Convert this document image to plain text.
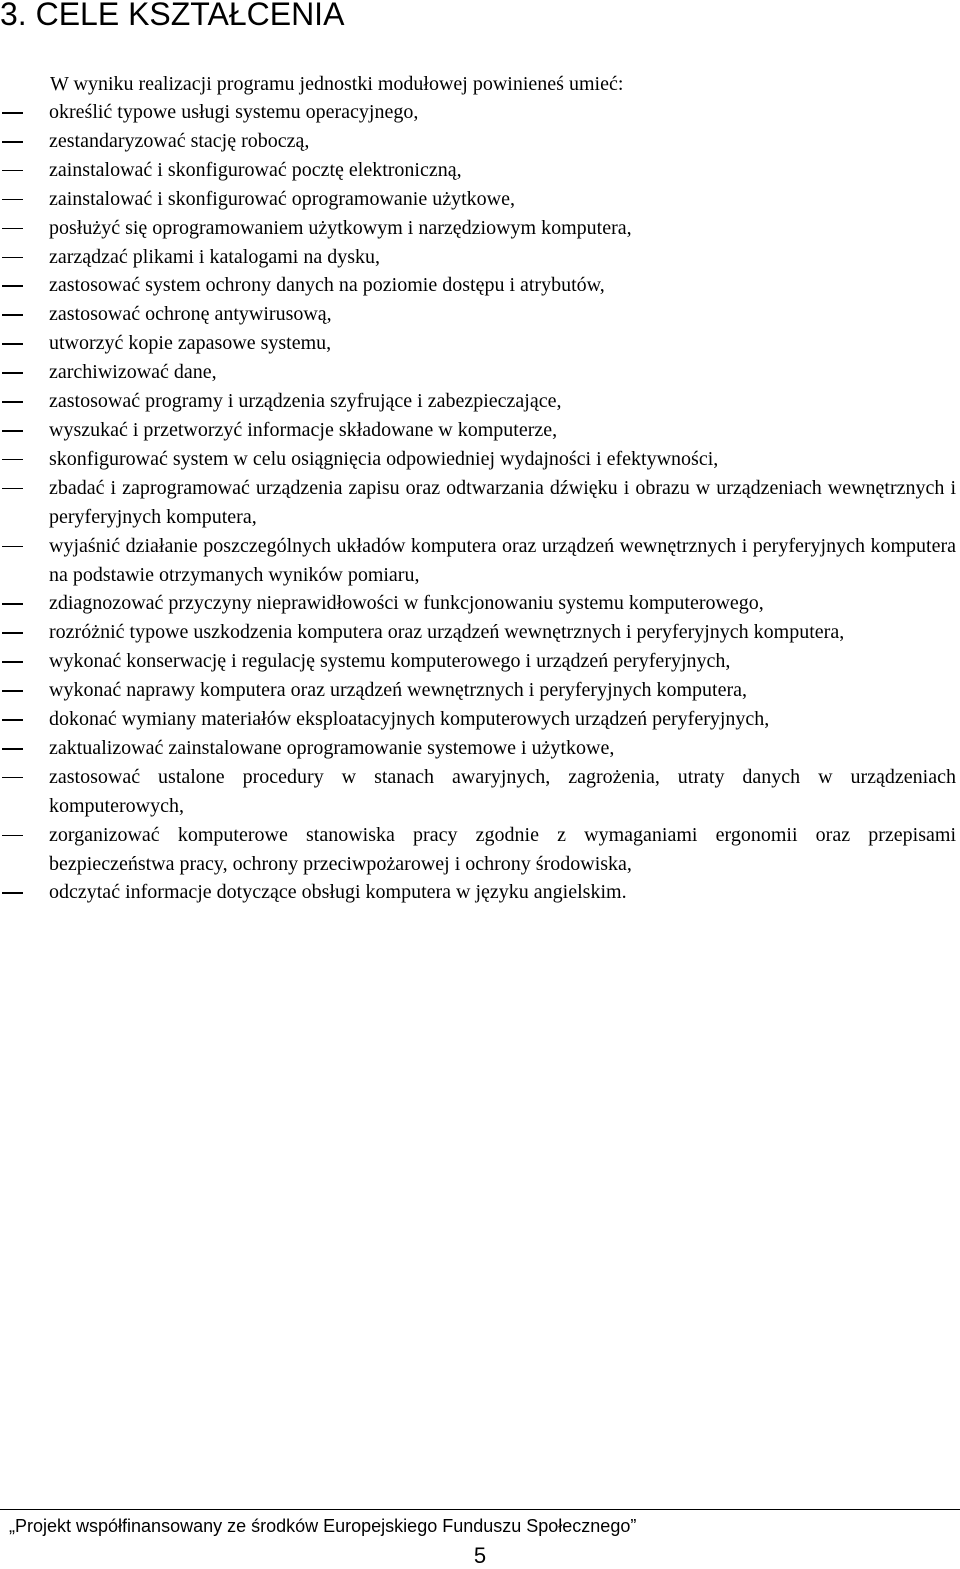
3. CELE KSZTAŁCENIA
W wyniku realizacji programu jednostki modułowej powinieneś umieć:
określić typowe usługi systemu operacyjnego,
zestandaryzować stację roboczą,
zainstalować i skonfigurować pocztę elektroniczną,
zainstalować i skonfigurować oprogramowanie użytkowe,
posłużyć się oprogramowaniem użytkowym i narzędziowym komputera,
zarządzać plikami i katalogami na dysku,
zastosować system ochrony danych na poziomie dostępu i atrybutów,
zastosować ochronę antywirusową,
utworzyć kopie zapasowe systemu,
zarchiwizować dane,
zastosować programy i urządzenia szyfrujące i zabezpieczające,
wyszukać i przetworzyć informacje składowane w komputerze,
skonfigurować system w celu osiągnięcia odpowiedniej wydajności i efektywności,
zbadać i zaprogramować urządzenia zapisu oraz odtwarzania dźwięku i obrazu w urządzeniach wewnętrznych i peryferyjnych komputera,
wyjaśnić działanie poszczególnych układów komputera oraz urządzeń wewnętrznych i peryferyjnych komputera na podstawie otrzymanych wyników pomiaru,
zdiagnozować przyczyny nieprawidłowości w funkcjonowaniu systemu komputerowego,
rozróżnić typowe uszkodzenia komputera oraz urządzeń wewnętrznych i peryferyjnych komputera,
wykonać konserwację i regulację systemu komputerowego i urządzeń peryferyjnych,
wykonać naprawy komputera oraz urządzeń wewnętrznych i peryferyjnych komputera,
dokonać wymiany materiałów eksploatacyjnych komputerowych urządzeń peryferyjnych,
zaktualizować zainstalowane oprogramowanie systemowe i użytkowe,
zastosować ustalone procedury w stanach awaryjnych, zagrożenia, utraty danych w urządzeniach komputerowych,
zorganizować komputerowe stanowiska pracy zgodnie z wymaganiami ergonomii oraz przepisami bezpieczeństwa pracy, ochrony przeciwpożarowej i ochrony środowiska,
odczytać informacje dotyczące obsługi komputera w języku angielskim.
„Projekt współfinansowany ze środków Europejskiego Funduszu Społecznego”
5
